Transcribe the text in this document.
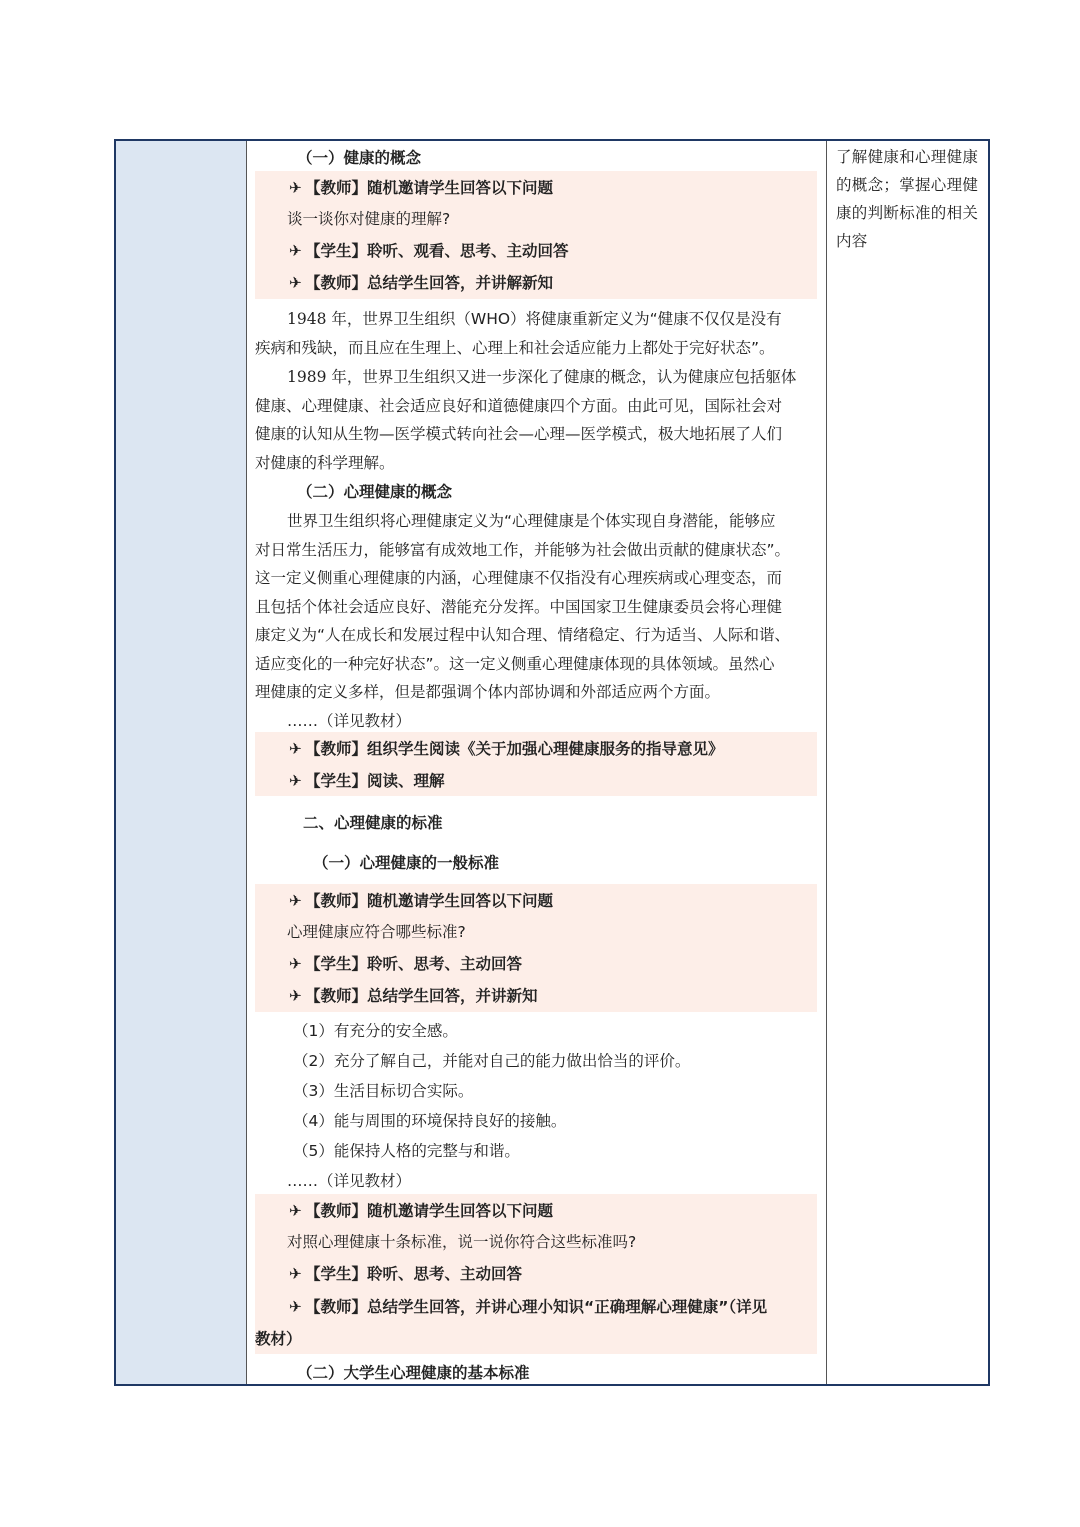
（一）健康的概念
✈ 【教师】随机邀请学生回答以下问题
谈一谈你对健康的理解?
✈ 【学生】聆听、观看、思考、主动回答
✈ 【教师】总结学生回答，并讲解新知
1948 年，世界卫生组织（WHO）将健康重新定义为“健康不仅仅是没有
疾病和残缺，而且应在生理上、心理上和社会适应能力上都处于完好状态”。
1989 年，世界卫生组织又进一步深化了健康的概念，认为健康应包括躯体
健康、心理健康、社会适应良好和道德健康四个方面。由此可见，国际社会对
健康的认知从生物—医学模式转向社会—心理—医学模式，极大地拓展了人们
对健康的科学理解。
（二）心理健康的概念
世界卫生组织将心理健康定义为“心理健康是个体实现自身潜能，能够应
对日常生活压力，能够富有成效地工作，并能够为社会做出贡献的健康状态”。
这一定义侧重心理健康的内涵，心理健康不仅指没有心理疾病或心理变态，而
且包括个体社会适应良好、潜能充分发挥。中国国家卫生健康委员会将心理健
康定义为“人在成长和发展过程中认知合理、情绪稳定、行为适当、人际和谐、
适应变化的一种完好状态”。这一定义侧重心理健康体现的具体领域。虽然心
理健康的定义多样，但是都强调个体内部协调和外部适应两个方面。
……（详见教材）
✈ 【教师】组织学生阅读《关于加强心理健康服务的指导意见》
✈ 【学生】阅读、理解
二、心理健康的标准
（一）心理健康的一般标准
✈ 【教师】随机邀请学生回答以下问题
心理健康应符合哪些标准?
✈ 【学生】聆听、思考、主动回答
✈ 【教师】总结学生回答，并讲新知
（1）有充分的安全感。
（2）充分了解自己，并能对自己的能力做出恰当的评价。
（3）生活目标切合实际。
（4）能与周围的环境保持良好的接触。
（5）能保持人格的完整与和谐。
……（详见教材）
✈ 【教师】随机邀请学生回答以下问题
对照心理健康十条标准，说一说你符合这些标准吗?
✈ 【学生】聆听、思考、主动回答
✈ 【教师】总结学生回答，并讲心理小知识“正确理解心理健康”（详见
教材）
（二）大学生心理健康的基本标准
了解健康和心理健康的概念；掌握心理健康的判断标准的相关内容
